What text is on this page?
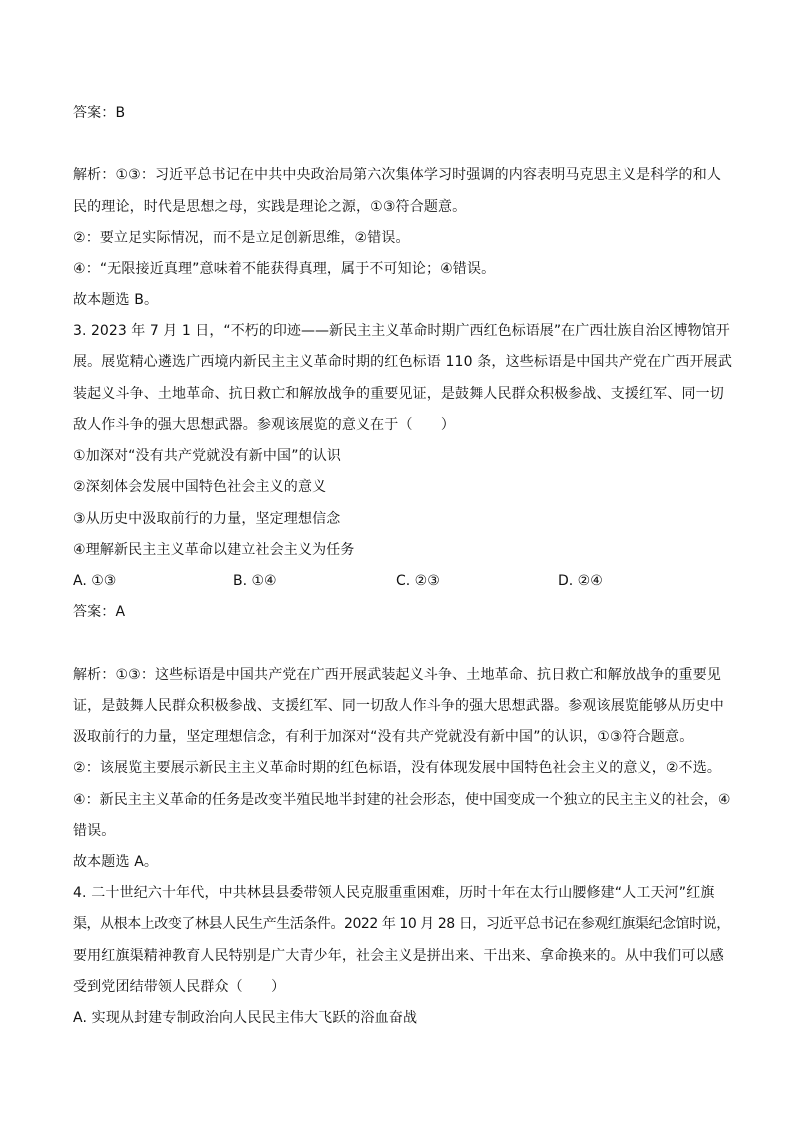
答案：B
解析：①③：习近平总书记在中共中央政治局第六次集体学习时强调的内容表明马克思主义是科学的和人
民的理论，时代是思想之母，实践是理论之源，①③符合题意。
②：要立足实际情况，而不是立足创新思维，②错误。
④：“无限接近真理”意味着不能获得真理，属于不可知论；④错误。
故本题选 B。
3. 2023 年 7 月 1 日，“不朽的印迹——新民主主义革命时期广西红色标语展”在广西壮族自治区博物馆开
展。展览精心遴选广西境内新民主主义革命时期的红色标语 110 条，这些标语是中国共产党在广西开展武
装起义斗争、土地革命、抗日救亡和解放战争的重要见证，是鼓舞人民群众积极参战、支援红军、同一切
敌人作斗争的强大思想武器。参观该展览的意义在于（　　）
①加深对“没有共产党就没有新中国”的认识
②深刻体会发展中国特色社会主义的意义
③从历史中汲取前行的力量，坚定理想信念
④理解新民主主义革命以建立社会主义为任务
A. ①③	B. ①④	C. ②③	D. ②④
答案：A
解析：①③：这些标语是中国共产党在广西开展武装起义斗争、土地革命、抗日救亡和解放战争的重要见
证，是鼓舞人民群众积极参战、支援红军、同一切敌人作斗争的强大思想武器。参观该展览能够从历史中
汲取前行的力量，坚定理想信念，有利于加深对“没有共产党就没有新中国”的认识，①③符合题意。
②：该展览主要展示新民主主义革命时期的红色标语，没有体现发展中国特色社会主义的意义，②不选。
④：新民主主义革命的任务是改变半殖民地半封建的社会形态，使中国变成一个独立的民主主义的社会，④
错误。
故本题选 A。
4. 二十世纪六十年代，中共林县县委带领人民克服重重困难，历时十年在太行山腰修建“人工天河”红旗
渠，从根本上改变了林县人民生产生活条件。2022 年 10 月 28 日，习近平总书记在参观红旗渠纪念馆时说，
要用红旗渠精神教育人民特别是广大青少年，社会主义是拼出来、干出来、拿命换来的。从中我们可以感
受到党团结带领人民群众（　　）
A. 实现从封建专制政治向人民民主伟大飞跃的浴血奋战
